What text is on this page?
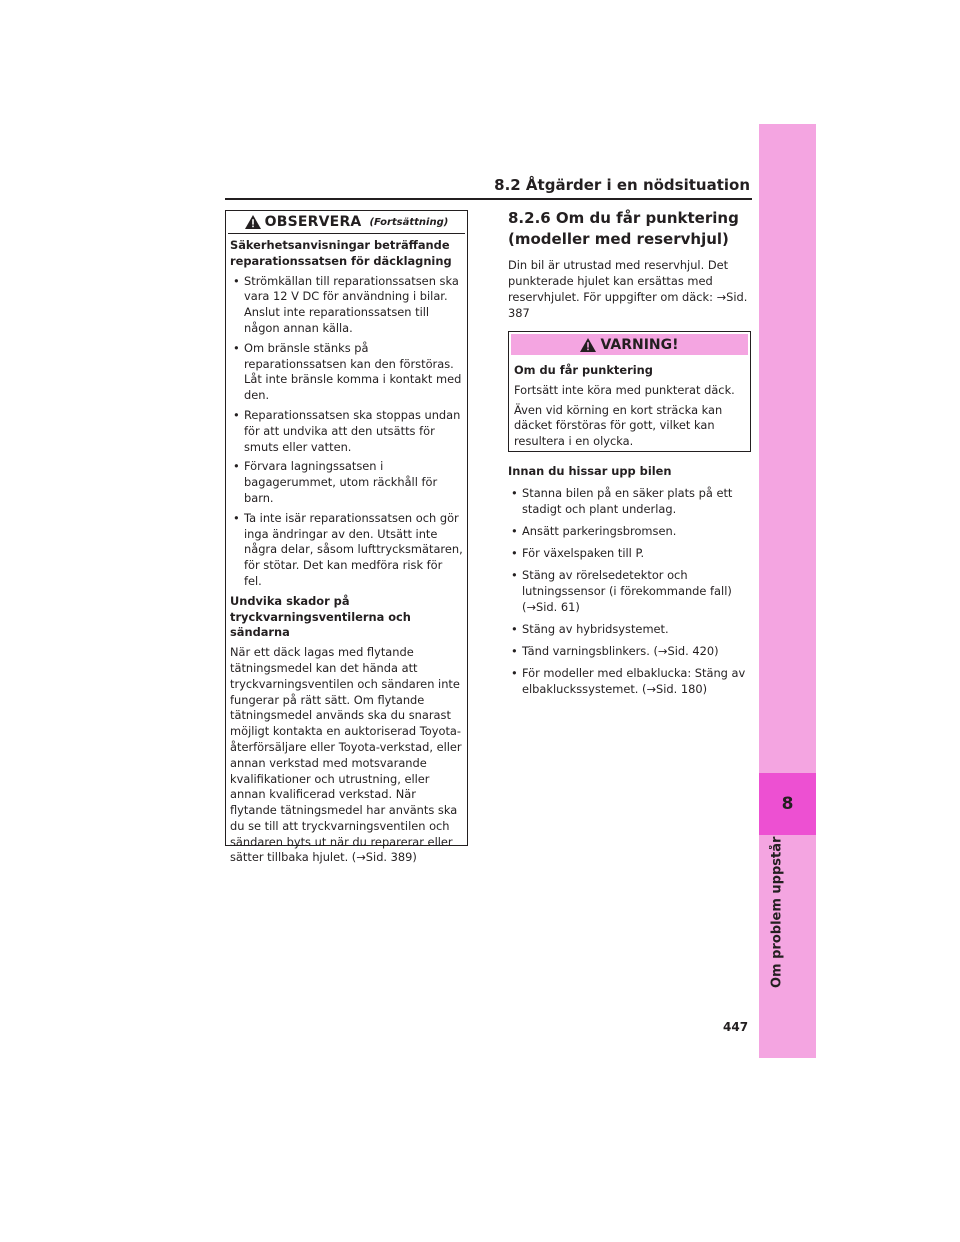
8.2 Åtgärder i en nödsituation
8
Om problem uppstår
OBSERVERA (Fortsättning)

Säkerhetsanvisningar beträffande reparationssatsen för däcklagning

• Strömkällan till reparationssatsen ska vara 12 V DC för användning i bilar. Anslut inte reparationssatsen till någon annan källa.
• Om bränsle stänks på reparationssatsen kan den förstöras. Låt inte bränsle komma i kontakt med den.
• Reparationssatsen ska stoppas undan för att undvika att den utsätts för smuts eller vatten.
• Förvara lagningssatsen i bagagerummet, utom räckhåll för barn.
• Ta inte isär reparationssatsen och gör inga ändringar av den. Utsätt inte några delar, såsom lufttrycksmätaren, för stötar. Det kan medföra risk för fel.

Undvika skador på tryckvarningsventilerna och sändarna

När ett däck lagas med flytande tätningsmedel kan det hända att tryckvarningsventilen och sändaren inte fungerar på rätt sätt. Om flytande tätningsmedel används ska du snarast möjligt kontakta en auktoriserad Toyota-återförsäljare eller Toyota-verkstad, eller annan verkstad med motsvarande kvalifikationer och utrustning, eller annan kvalificerad verkstad. När flytande tätningsmedel har använts ska du se till att tryckvarningsventilen och sändaren byts ut när du reparerar eller sätter tillbaka hjulet. (→Sid. 389)

8.2.6 Om du får punktering (modeller med reservhjul)

Din bil är utrustad med reservhjul. Det punkterade hjulet kan ersättas med reservhjulet. För uppgifter om däck: →Sid. 387

VARNING!

Om du får punktering

Fortsätt inte köra med punkterat däck.

Även vid körning en kort sträcka kan däcket förstöras för gott, vilket kan resultera i en olycka.

Innan du hissar upp bilen

• Stanna bilen på en säker plats på ett stadigt och plant underlag.
• Ansätt parkeringsbromsen.
• För växelspaken till P.
• Stäng av rörelsedetektor och lutningssensor (i förekommande fall) (→Sid. 61)
• Stäng av hybridsystemet.
• Tänd varningsblinkers. (→Sid. 420)
• För modeller med elbaklucka: Stäng av elbakluckssystemet. (→Sid. 180)
447
